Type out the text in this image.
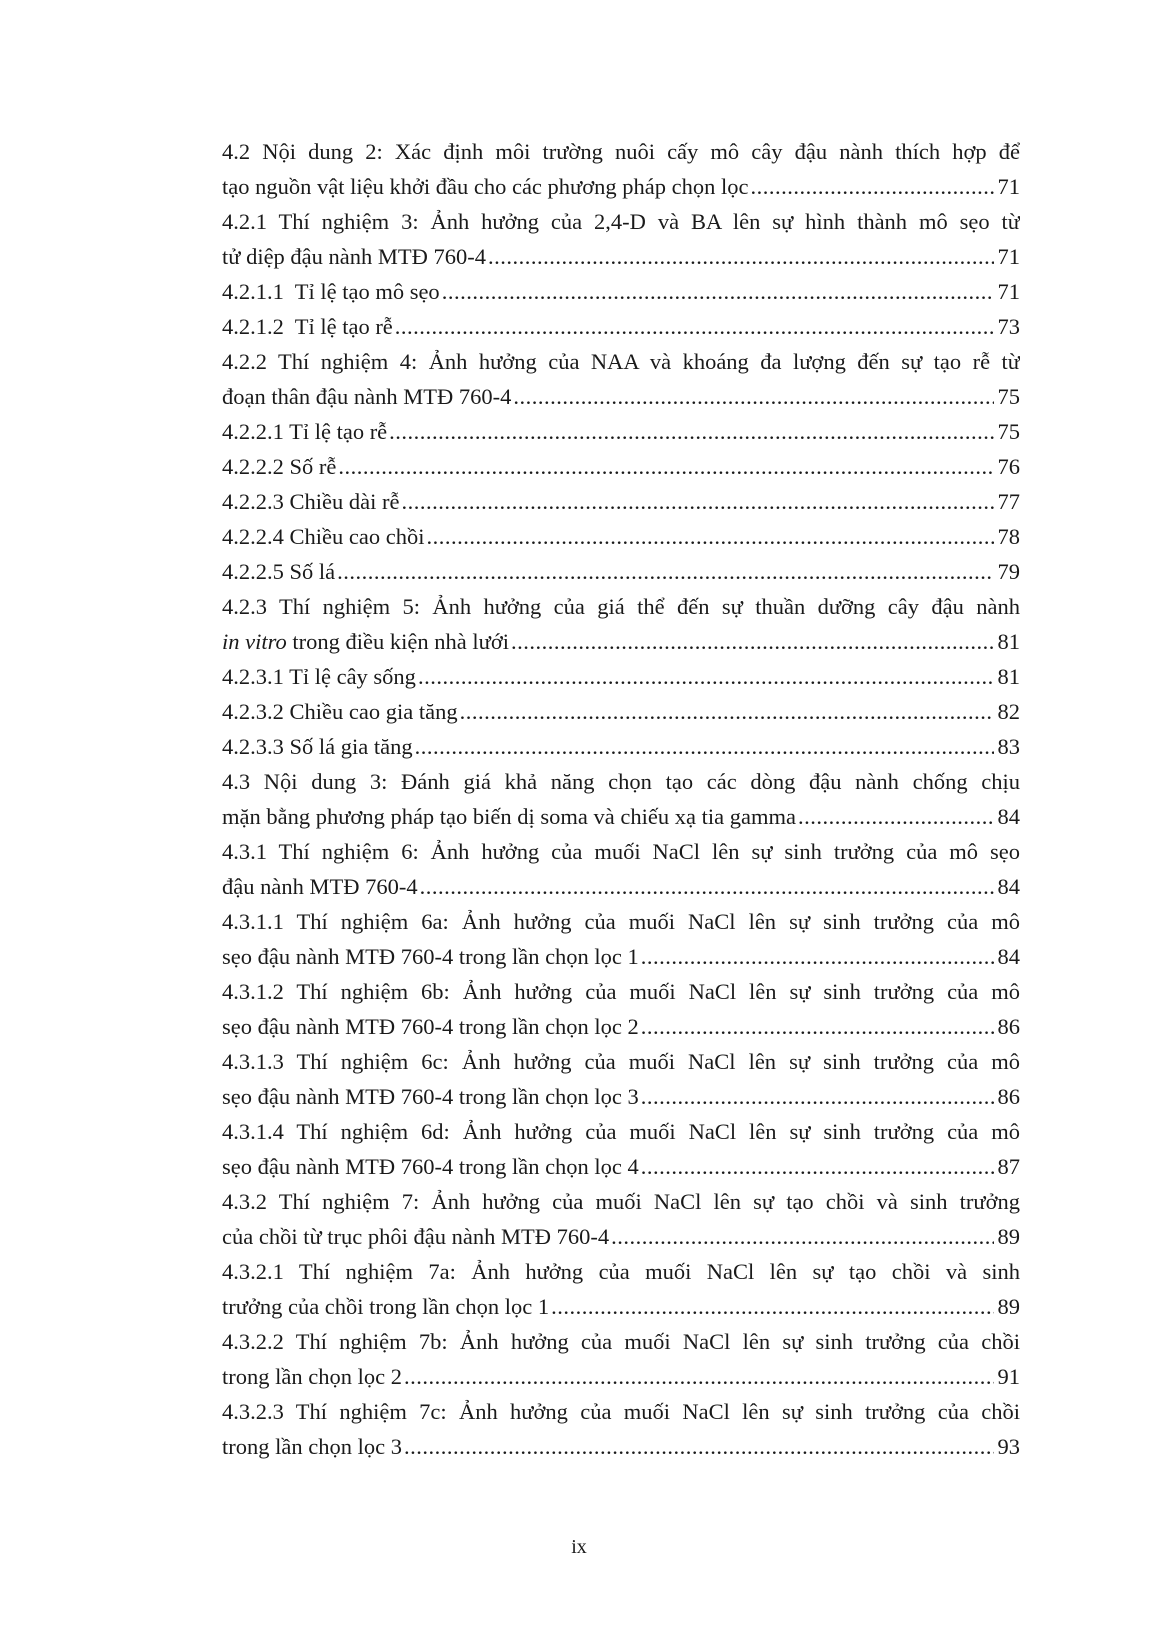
4.2 Nội dung 2: Xác định môi trường nuôi cấy mô cây đậu nành thích hợp để
tạo nguồn vật liệu khởi đầu cho các phương pháp chọn lọc .....	71
4.2.1 Thí nghiệm 3: Ảnh hưởng của 2,4-D và BA lên sự hình thành mô sẹo từ
tử diệp đậu nành MTĐ 760-4 .....	71
4.2.1.1  Tỉ lệ tạo mô sẹo .....	71
4.2.1.2  Tỉ lệ tạo rễ .....	73
4.2.2 Thí nghiệm 4: Ảnh hưởng của NAA và khoáng đa lượng đến sự tạo rễ từ
đoạn thân đậu nành MTĐ 760-4 .....	75
4.2.2.1 Tỉ lệ tạo rễ .....	75
4.2.2.2 Số rễ .....	76
4.2.2.3 Chiều dài rễ .....	77
4.2.2.4 Chiều cao chồi .....	78
4.2.2.5 Số lá .....	79
4.2.3 Thí nghiệm 5: Ảnh hưởng của giá thể đến sự thuần dưỡng cây đậu nành
in vitro trong điều kiện nhà lưới .....	81
4.2.3.1 Tỉ lệ cây sống .....	81
4.2.3.2 Chiều cao gia tăng .....	82
4.2.3.3 Số lá gia tăng .....	83
4.3 Nội dung 3: Đánh giá khả năng chọn tạo các dòng đậu nành chống chịu
mặn bằng phương pháp tạo biến dị soma và chiếu xạ tia gamma .....	84
4.3.1 Thí nghiệm 6: Ảnh hưởng của muối NaCl lên sự sinh trưởng của mô sẹo
đậu nành MTĐ 760-4 .....	84
4.3.1.1 Thí nghiệm 6a: Ảnh hưởng của muối NaCl lên sự sinh trưởng của mô
sẹo đậu nành MTĐ 760-4 trong lần chọn lọc 1 .....	84
4.3.1.2 Thí nghiệm 6b: Ảnh hưởng của muối NaCl lên sự sinh trưởng của mô
sẹo đậu nành MTĐ 760-4 trong lần chọn lọc 2 .....	86
4.3.1.3 Thí nghiệm 6c: Ảnh hưởng của muối NaCl lên sự sinh trưởng của mô
sẹo đậu nành MTĐ 760-4 trong lần chọn lọc 3 .....	86
4.3.1.4 Thí nghiệm 6d: Ảnh hưởng của muối NaCl lên sự sinh trưởng của mô
sẹo đậu nành MTĐ 760-4 trong lần chọn lọc 4 .....	87
4.3.2 Thí nghiệm 7: Ảnh hưởng của muối NaCl lên sự tạo chồi và sinh trưởng
của chồi từ trục phôi đậu nành MTĐ 760-4 .....	89
4.3.2.1 Thí nghiệm 7a: Ảnh hưởng của muối NaCl lên sự tạo chồi và sinh
trưởng của chồi trong lần chọn lọc 1 .....	89
4.3.2.2 Thí nghiệm 7b: Ảnh hưởng của muối NaCl lên sự sinh trưởng của chồi
trong lần chọn lọc 2 .....	91
4.3.2.3 Thí nghiệm 7c: Ảnh hưởng của muối NaCl lên sự sinh trưởng của chồi
trong lần chọn lọc 3 .....	93
ix
